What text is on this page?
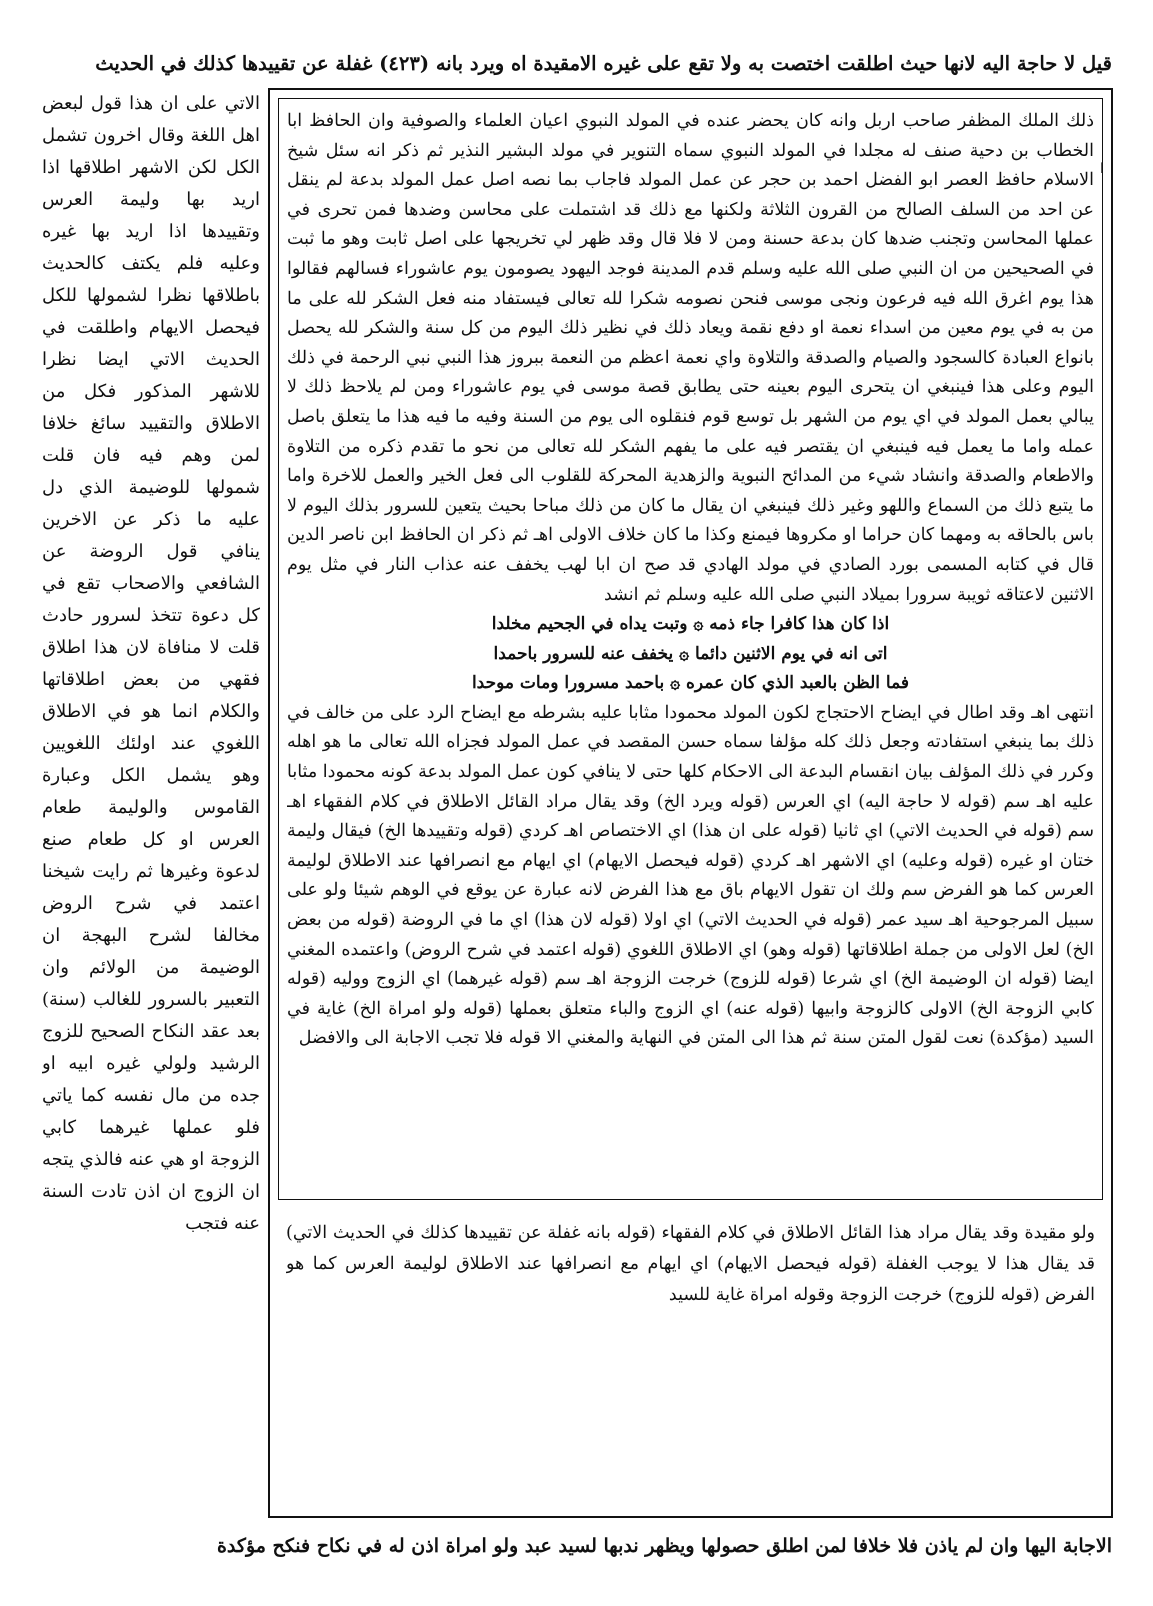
قيل لا حاجة اليه لانها حيث اطلقت اختصت به ولا تقع على غيره الامقيدة اه ويرد بانه (٤٢٣) غفلة عن تقييدها كذلك في الحديث

ذلك الملك المظفر صاحب اربل وانه كان يحضر عنده في المولد النبوي اعيان العلماء والصوفية وان الحافظ ابا الخطاب بن دحية صنف له مجلدا في المولد النبوي سماه التنوير في مولد البشير النذير ثم ذكر انه سئل شيخ الاسلام حافظ العصر ابو الفضل احمد بن حجر عن عمل المولد فاجاب بما نصه اصل عمل المولد بدعة لم ينقل عن احد من السلف الصالح من القرون الثلاثة ولكنها مع ذلك قد اشتملت على محاسن وضدها فمن تحرى في عملها المحاسن وتجنب ضدها كان بدعة حسنة ومن لا فلا قال وقد ظهر لي تخريجها على اصل ثابت وهو ما ثبت في الصحيحين من ان النبي صلى الله عليه وسلم قدم المدينة فوجد اليهود يصومون يوم عاشوراء فسالهم فقالوا هذا يوم اغرق الله فيه فرعون ونجى موسى فنحن نصومه شكرا لله تعالى فيستفاد منه فعل الشكر لله على ما من به في يوم معين من اسداء نعمة او دفع نقمة ويعاد ذلك في نظير ذلك اليوم من كل سنة والشكر لله يحصل بانواع العبادة كالسجود والصيام والصدقة والتلاوة واي نعمة اعظم من النعمة ببروز هذا النبي نبي الرحمة في ذلك اليوم وعلى هذا فينبغي ان يتحرى اليوم بعينه حتى يطابق قصة موسى في يوم عاشوراء ومن لم يلاحظ ذلك لا يبالي بعمل المولد في اي يوم من الشهر بل توسع قوم فنقلوه الى يوم من السنة وفيه ما فيه هذا ما يتعلق باصل عمله واما ما يعمل فيه فينبغي ان يقتصر فيه على ما يفهم الشكر لله تعالى من نحو ما تقدم ذكره من التلاوة والاطعام والصدقة وانشاد شيء من المدائح النبوية والزهدية المحركة للقلوب الى فعل الخير والعمل للاخرة واما ما يتبع ذلك من السماع واللهو وغير ذلك فينبغي ان يقال ما كان من ذلك مباحا بحيث يتعين للسرور بذلك اليوم لا باس بالحاقه به ومهما كان حراما او مكروها فيمنع وكذا ما كان خلاف الاولى اهـ ثم ذكر ان الحافظ ابن ناصر الدين قال في كتابه المسمى بورد الصادي في مولد الهادي قد صح ان ابا لهب يخفف عنه عذاب النار في مثل يوم الاثنين لاعتاقه ثويبة سرورا بميلاد النبي صلى الله عليه وسلم ثم انشد

اذا كان هذا كافرا جاء ذمه ۞ وتبت يداه في الجحيم مخلدا

اتى انه في يوم الاثنين دائما ۞ يخفف عنه للسرور باحمدا

فما الظن بالعبد الذي كان عمره ۞ باحمد مسرورا ومات موحدا

انتهى اهـ وقد اطال في ايضاح الاحتجاج لكون المولد محمودا مثابا عليه بشرطه مع ايضاح الرد على من خالف في ذلك بما ينبغي استفادته وجعل ذلك كله مؤلفا سماه حسن المقصد في عمل المولد فجزاه الله تعالى ما هو اهله وكرر في ذلك المؤلف بيان انقسام البدعة الى الاحكام كلها حتى لا ينافي كون عمل المولد بدعة كونه محمودا مثابا عليه اهـ سم (قوله لا حاجة اليه) اي العرس (قوله ويرد الخ) وقد يقال مراد القائل الاطلاق في كلام الفقهاء اهـ سم (قوله في الحديث الاتي) اي ثانيا (قوله على ان هذا) اي الاختصاص اهـ كردي (قوله وتقييدها الخ) فيقال وليمة ختان او غيره (قوله وعليه) اي الاشهر اهـ كردي (قوله فيحصل الايهام) اي ايهام مع انصرافها عند الاطلاق لوليمة العرس كما هو الفرض سم ولك ان تقول الايهام باق مع هذا الفرض لانه عبارة عن يوقع في الوهم شيئا ولو على سبيل المرجوحية اهـ سيد عمر (قوله في الحديث الاتي) اي اولا (قوله لان هذا) اي ما في الروضة (قوله من بعض الخ) لعل الاولى من جملة اطلاقاتها (قوله وهو) اي الاطلاق اللغوي (قوله اعتمد في شرح الروض) واعتمده المغني ايضا (قوله ان الوضيمة الخ) اي شرعا (قوله للزوج) خرجت الزوجة اهـ سم (قوله غيرهما) اي الزوج ووليه (قوله كابي الزوجة الخ) الاولى كالزوجة وابيها (قوله عنه) اي الزوج والباء متعلق بعملها (قوله ولو امراة الخ) غاية في السيد (مؤكدة) نعت لقول المتن سنة ثم هذا الى المتن في النهاية والمغني الا قوله فلا تجب الاجابة الى والافضل

ولو مقيدة وقد يقال مراد هذا القائل الاطلاق في كلام الفقهاء (قوله بانه غفلة عن تقييدها كذلك في الحديث الاتي) قد يقال هذا لا يوجب الغفلة (قوله فيحصل الايهام) اي ايهام مع انصرافها عند الاطلاق لوليمة العرس كما هو الفرض (قوله للزوج) خرجت الزوجة وقوله امراة غاية للسيد
ا
الاتي على ان هذا قول لبعض اهل اللغة وقال اخرون تشمل الكل لكن الاشهر اطلاقها اذا اريد بها وليمة العرس وتقييدها اذا اريد بها غيره وعليه فلم يكتف كالحديث باطلاقها نظرا لشمولها للكل فيحصل الايهام واطلقت في الحديث الاتي ايضا نظرا للاشهر المذكور فكل من الاطلاق والتقييد سائغ خلافا لمن وهم فيه فان قلت شمولها للوضيمة الذي دل عليه ما ذكر عن الاخرين ينافي قول الروضة عن الشافعي والاصحاب تقع في كل دعوة تتخذ لسرور حادث قلت لا منافاة لان هذا اطلاق فقهي من بعض اطلاقاتها والكلام انما هو في الاطلاق اللغوي عند اولئك اللغويين وهو يشمل الكل وعبارة القاموس والوليمة طعام العرس او كل طعام صنع لدعوة وغيرها ثم رايت شيخنا اعتمد في شرح الروض مخالفا لشرح البهجة ان الوضيمة من الولائم وان التعبير بالسرور للغالب (سنة) بعد عقد النكاح الصحيح للزوج الرشيد ولولي غيره ابيه او جده من مال نفسه كما ياتي فلو عملها غيرهما كابي الزوجة او هي عنه فالذي يتجه ان الزوج ان اذن تادت السنة عنه فتجب
الاجابة اليها وان لم ياذن فلا خلافا لمن اطلق حصولها ويظهر ندبها لسيد عبد ولو امراة اذن له في نكاح فنكح مؤكدة
